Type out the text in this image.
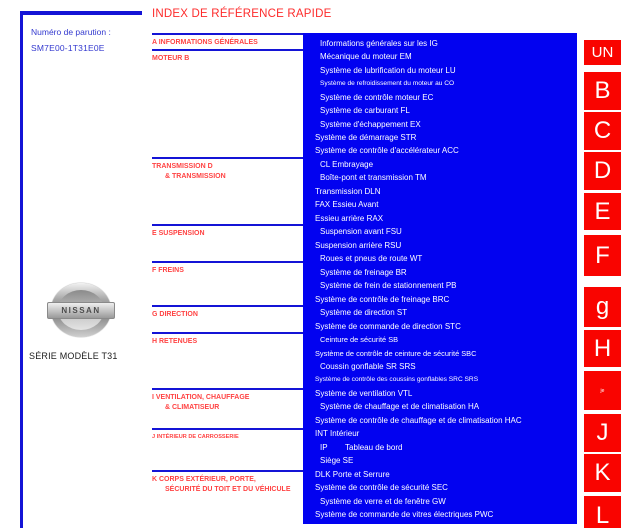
INDEX DE RÉFÉRENCE RAPIDE
Numéro de parution :
SM7E00-1T31E0E
NISSAN
SÉRIE MODÈLE T31
A INFORMATIONS GÉNÉRALES
MOTEUR B
TRANSMISSION D
& TRANSMISSION
E SUSPENSION
F FREINS
G DIRECTION
H RETENUES
I VENTILATION, CHAUFFAGE
& CLIMATISEUR
J INTÉRIEUR DE CARROSSERIE
K CORPS EXTÉRIEUR, PORTE,
SÉCURITÉ DU TOIT ET DU VÉHICULE
Informations générales sur les IG
Mécanique du moteur EM
Système de lubrification du moteur LU
Système de refroidissement du moteur au CO
Système de contrôle moteur EC
Système de carburant FL
Système d'échappement EX
Système de démarrage STR
Système de contrôle d'accélérateur ACC
CL Embrayage
Boîte-pont et transmission TM
Transmission DLN
FAX Essieu Avant
Essieu arrière RAX
Suspension avant FSU
Suspension arrière RSU
Roues et pneus de route WT
Système de freinage BR
Système de frein de stationnement PB
Système de contrôle de freinage BRC
Système de direction ST
Système de commande de direction STC
Ceinture de sécurité SB
Système de contrôle de ceinture de sécurité SBC
Coussin gonflable SR SRS
Système de contrôle des coussins gonflables SRC SRS
Système de ventilation VTL
Système de chauffage et de climatisation HA
Système de contrôle de chauffage et de climatisation HAC
INT Intérieur
IP        Tableau de bord
Siège SE
DLK Porte et Serrure
Système de contrôle de sécurité SEC
Système de verre et de fenêtre GW
Système de commande de vitres électriques PWC
UN
B
C
D
E
F
g
H
je
J
K
L
